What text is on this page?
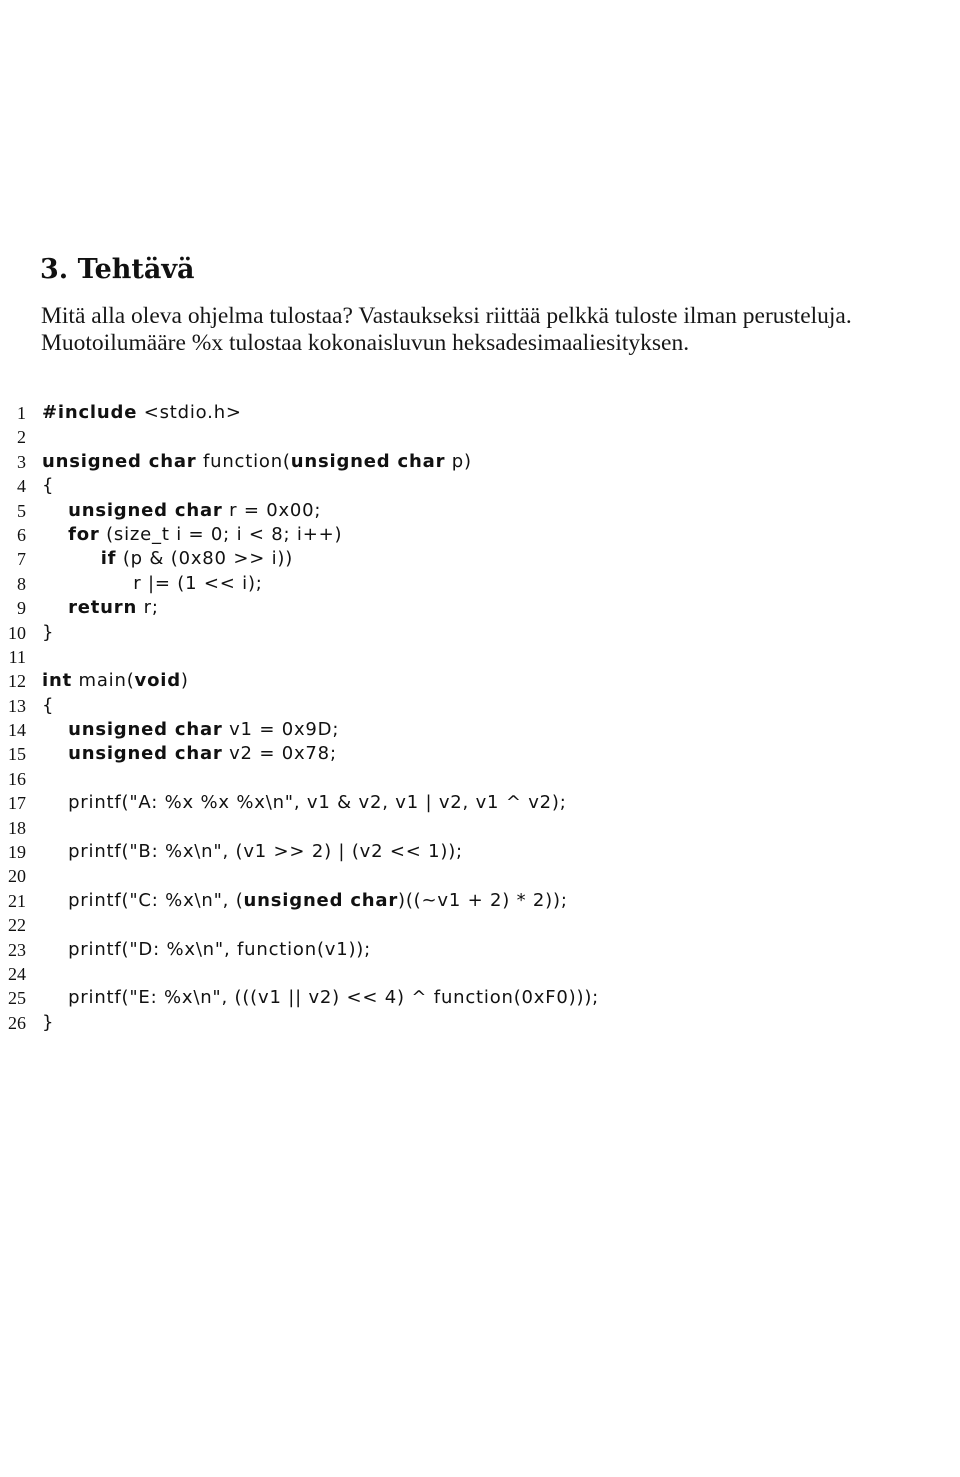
3. Tehtävä

Mitä alla oleva ohjelma tulostaa? Vastaukseksi riittää pelkkä tuloste ilman perusteluja.

Muotoilumääre %x tulostaa kokonaisluvun heksadesimaaliesityksen.

1 #include <stdio.h>
2
3 unsigned char function(unsigned char p)
4 {
5	unsigned char r = 0x00;
6	for (size_t i = 0; i < 8; i++)
7	if (p & (0x80 >> i))
8 r |= (1 << i);
9	return r;
10 }
11
12 int main(void)
13 {
14	unsigned char v1 = 0x9D;
15	unsigned char v2 = 0x78;
16
17 printf("A: %x %x %x\n", v1 & v2, v1 | v2, v1 ^ v2);
18
19 printf("B: %x\n", (v1 >> 2) | (v2 << 1));
20
21 printf("C: %x\n", (unsigned char)((~v1 + 2) * 2));
22
23 printf("D: %x\n", function(v1));
24
25 printf("E: %x\n", (((v1 || v2) << 4) ^ function(0xF0)));
26 }
